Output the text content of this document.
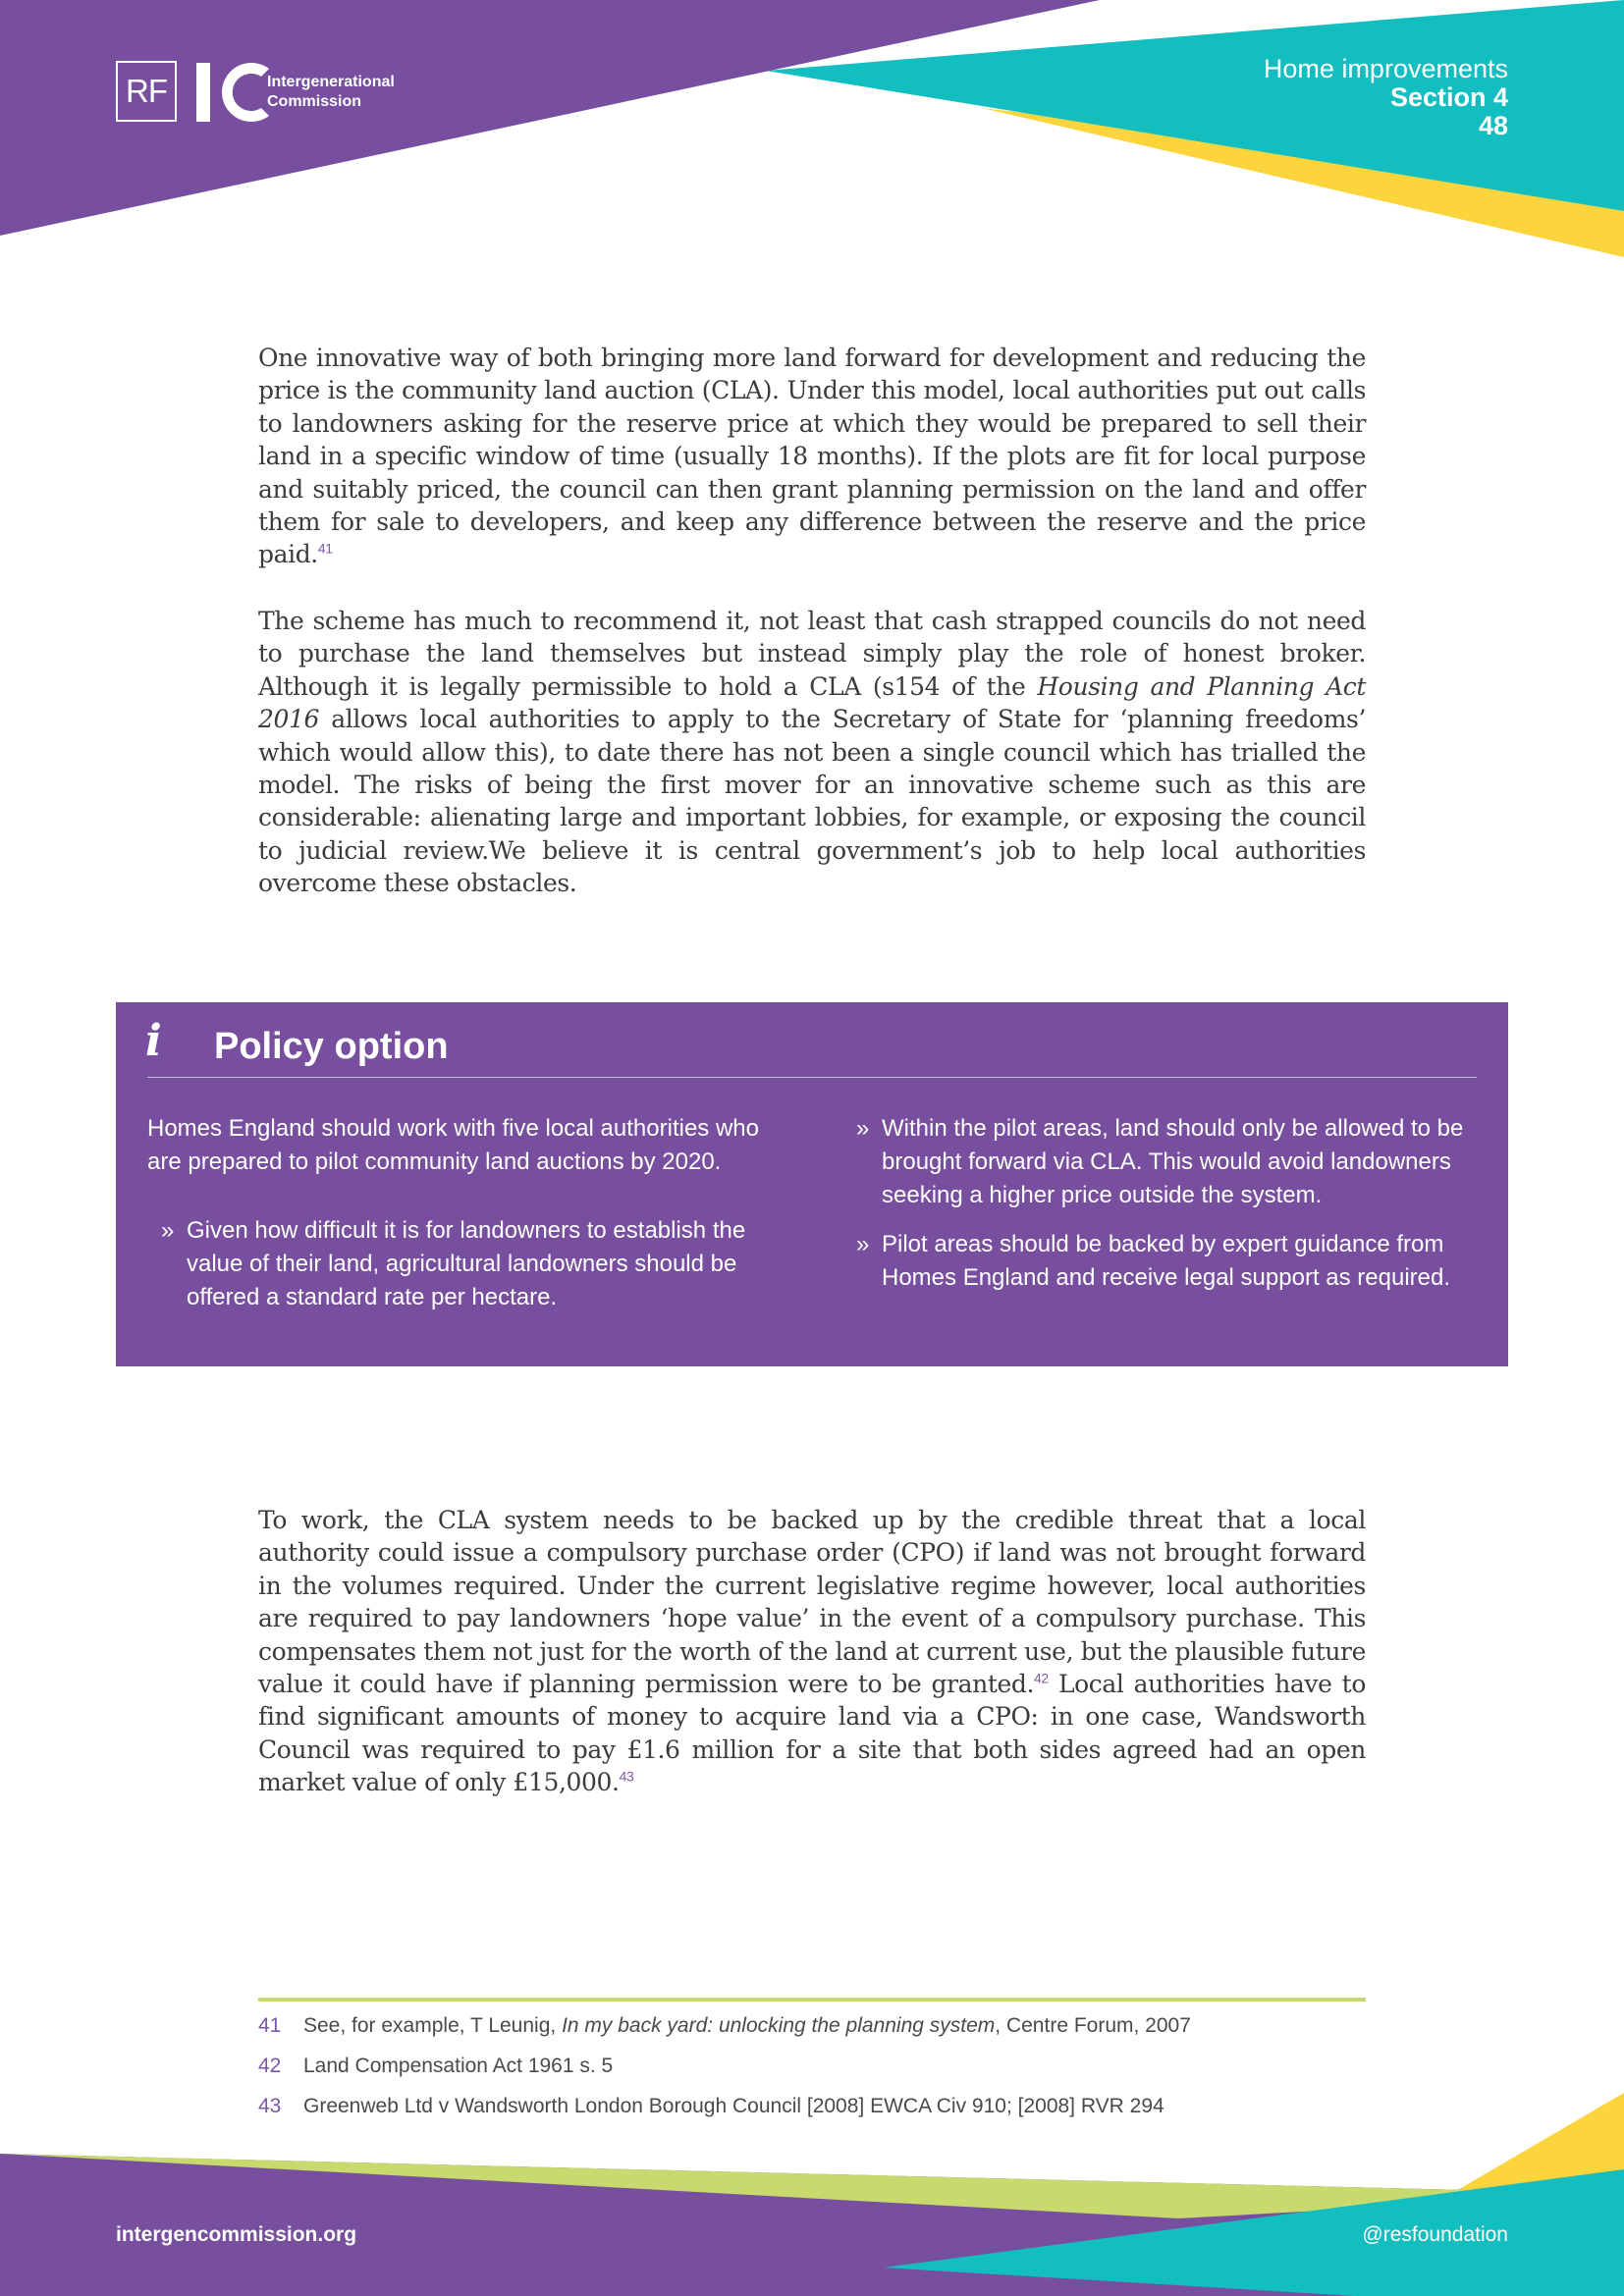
RF	Intergenerational
Commission
Home improvements
Section 4
48

One innovative way of both bringing more land forward for development and reducing the price is the community land auction (CLA). Under this model, local authorities put out calls to landowners asking for the reserve price at which they would be prepared to sell their land in a specific window of time (usually 18 months). If the plots are fit for local purpose and suitably priced, the council can then grant planning permission on the land and offer them for sale to developers, and keep any difference between the reserve and the price paid.$^{41}$

The scheme has much to recommend it, not least that cash strapped councils do not need to purchase the land themselves but instead simply play the role of honest broker. Although it is legally permissible to hold a CLA (s154 of the Housing and Planning Act 2016 allows local authorities to apply to the Secretary of State for ‘planning freedoms’ which would allow this), to date there has not been a single council which has trialled the model. The risks of being the first mover for an innovative scheme such as this are considerable: alienating large and important lobbies, for example, or exposing the council to judicial review.We believe it is central government’s job to help local authorities overcome these obstacles.

i Policy option

Homes England should work with five local authorities who are prepared to pilot community land auctions by 2020.

» Given how difficult it is for landowners to establish the value of their land, agricultural landowners should be offered a standard rate per hectare.

» Within the pilot areas, land should only be allowed to be brought forward via CLA. This would avoid landowners seeking a higher price outside the system.

» Pilot areas should be backed by expert guidance from Homes England and receive legal support as required.

To work, the CLA system needs to be backed up by the credible threat that a local authority could issue a compulsory purchase order (CPO) if land was not brought forward in the volumes required. Under the current legislative regime however, local authorities are required to pay landowners ‘hope value’ in the event of a compulsory purchase. This compensates them not just for the worth of the land at current use, but the plausible future value it could have if planning permission were to be granted.$^{42}$ Local authorities have to find significant amounts of money to acquire land via a CPO: in one case, Wandsworth Council was required to pay £1.6 million for a site that both sides agreed had an open market value of only £15,000.43

41 See, for example, T Leunig, In my back yard: unlocking the planning system, Centre Forum, 2007
42 Land Compensation Act 1961 s. 5
43 Greenweb Ltd v Wandsworth London Borough Council [2008] EWCA Civ 910; [2008] RVR 294
intergencommission.org	@resfoundation
